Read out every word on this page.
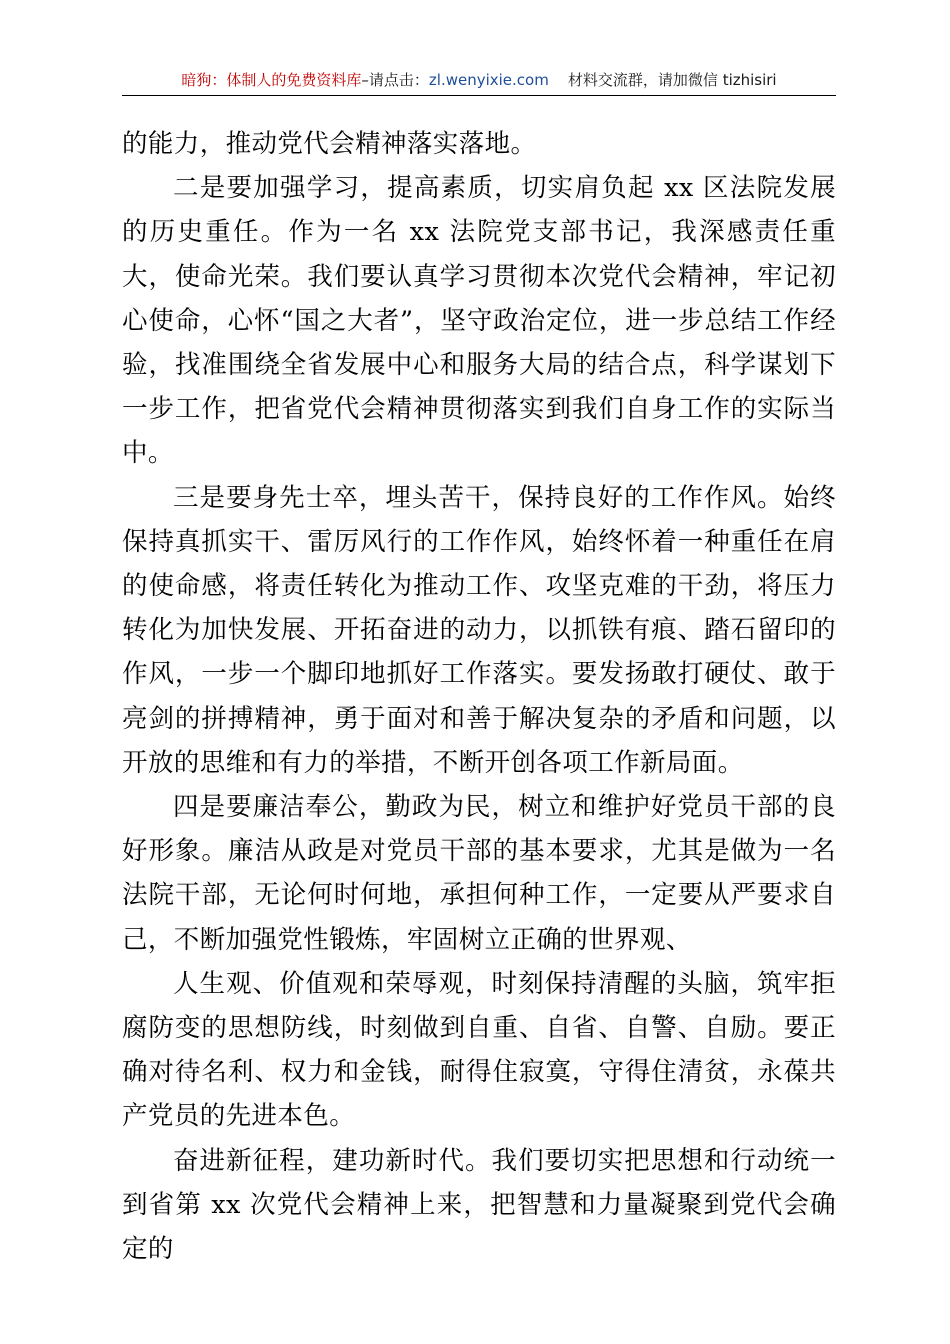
暗狗：体制人的免费资料库–请点击：zl.wenyixie.com 材料交流群，请加微信 tizhisiri

的能力，推动党代会精神落实落地。

二是要加强学习，提高素质，切实肩负起 xx 区法院发展的历史重任。作为一名 xx 法院党支部书记，我深感责任重大，使命光荣。我们要认真学习贯彻本次党代会精神，牢记初心使命，心怀“国之大者”，坚守政治定位，进一步总结工作经验，找准围绕全省发展中心和服务大局的结合点，科学谋划下一步工作，把省党代会精神贯彻落实到我们自身工作的实际当中。

三是要身先士卒，埋头苦干，保持良好的工作作风。始终保持真抓实干、雷厉风行的工作作风，始终怀着一种重任在肩的使命感，将责任转化为推动工作、攻坚克难的干劲，将压力转化为加快发展、开拓奋进的动力，以抓铁有痕、踏石留印的作风，一步一个脚印地抓好工作落实。要发扬敢打硬仗、敢于亮剑的拼搏精神，勇于面对和善于解决复杂的矛盾和问题，以开放的思维和有力的举措，不断开创各项工作新局面。

四是要廉洁奉公，勤政为民，树立和维护好党员干部的良好形象。廉洁从政是对党员干部的基本要求，尤其是做为一名法院干部，无论何时何地，承担何种工作，一定要从严要求自己，不断加强党性锻炼，牢固树立正确的世界观、

人生观、价值观和荣辱观，时刻保持清醒的头脑，筑牢拒腐防变的思想防线，时刻做到自重、自省、自警、自励。要正确对待名利、权力和金钱，耐得住寂寞，守得住清贫，永葆共产党员的先进本色。

奋进新征程，建功新时代。我们要切实把思想和行动统一到省第 xx 次党代会精神上来，把智慧和力量凝聚到党代会确定的
